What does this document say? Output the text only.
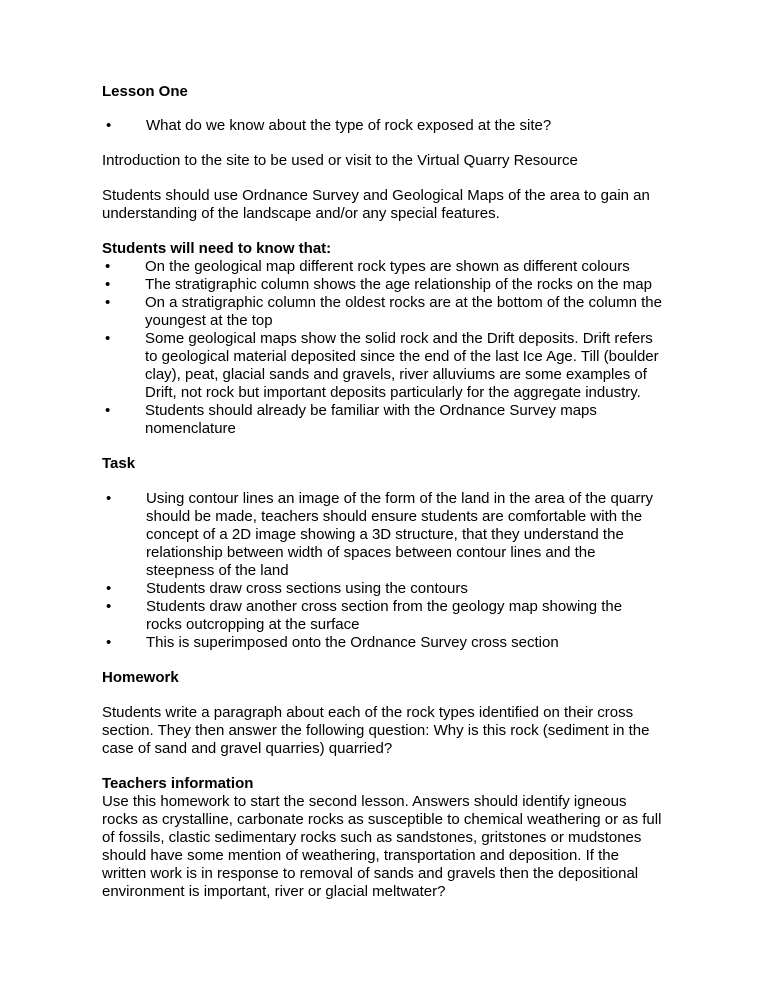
Lesson One
• What do we know about the type of rock exposed at the site?

Introduction to the site to be used or visit to the Virtual Quarry Resource

Students should use Ordnance Survey and Geological Maps of the area to gain an understanding of the landscape and/or any special features.

Students will need to know that:
• On the geological map different rock types are shown as different colours
• The stratigraphic column shows the age relationship of the rocks on the map
• On a stratigraphic column the oldest rocks are at the bottom of the column the youngest at the top
• Some geological maps show the solid rock and the Drift deposits. Drift refers to geological material deposited since the end of the last Ice Age. Till (boulder clay), peat, glacial sands and gravels, river alluviums are some examples of Drift, not rock but important deposits particularly for the aggregate industry.
• Students should already be familiar with the Ordnance Survey maps nomenclature
Task
• Using contour lines an image of the form of the land in the area of the quarry should be made, teachers should ensure students are comfortable with the concept of a 2D image showing a 3D structure, that they understand the relationship between width of spaces between contour lines and the steepness of the land
• Students draw cross sections using the contours
• Students draw another cross section from the geology map showing the rocks outcropping at the surface
• This is superimposed onto the Ordnance Survey cross section
Homework

Students write a paragraph about each of the rock types identified on their cross section. They then answer the following question: Why is this rock (sediment in the case of sand and gravel quarries) quarried?

Teachers information

Use this homework to start the second lesson. Answers should identify igneous rocks as crystalline, carbonate rocks as susceptible to chemical weathering or as full of fossils, clastic sedimentary rocks such as sandstones, gritstones or mudstones should have some mention of weathering, transportation and deposition. If the written work is in response to removal of sands and gravels then the depositional environment is important, river or glacial meltwater?
